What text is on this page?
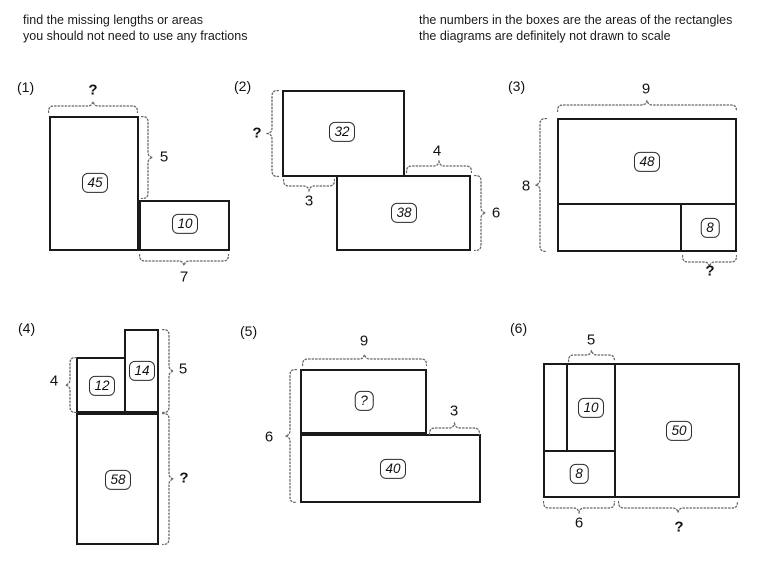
find the missing lengths or areas
you should not need to use any fractions
the numbers in the boxes are the areas of the rectangles
the diagrams are definitely not drawn to scale
(1)	?
5
7
45
10
(2)
?
3
4
6
32
38
(3)	9
8
?
48
8
(4)
4
5
?
12
14
58
(5)
9
6
3
?
40
(6)
5
6	?
10
8
50
